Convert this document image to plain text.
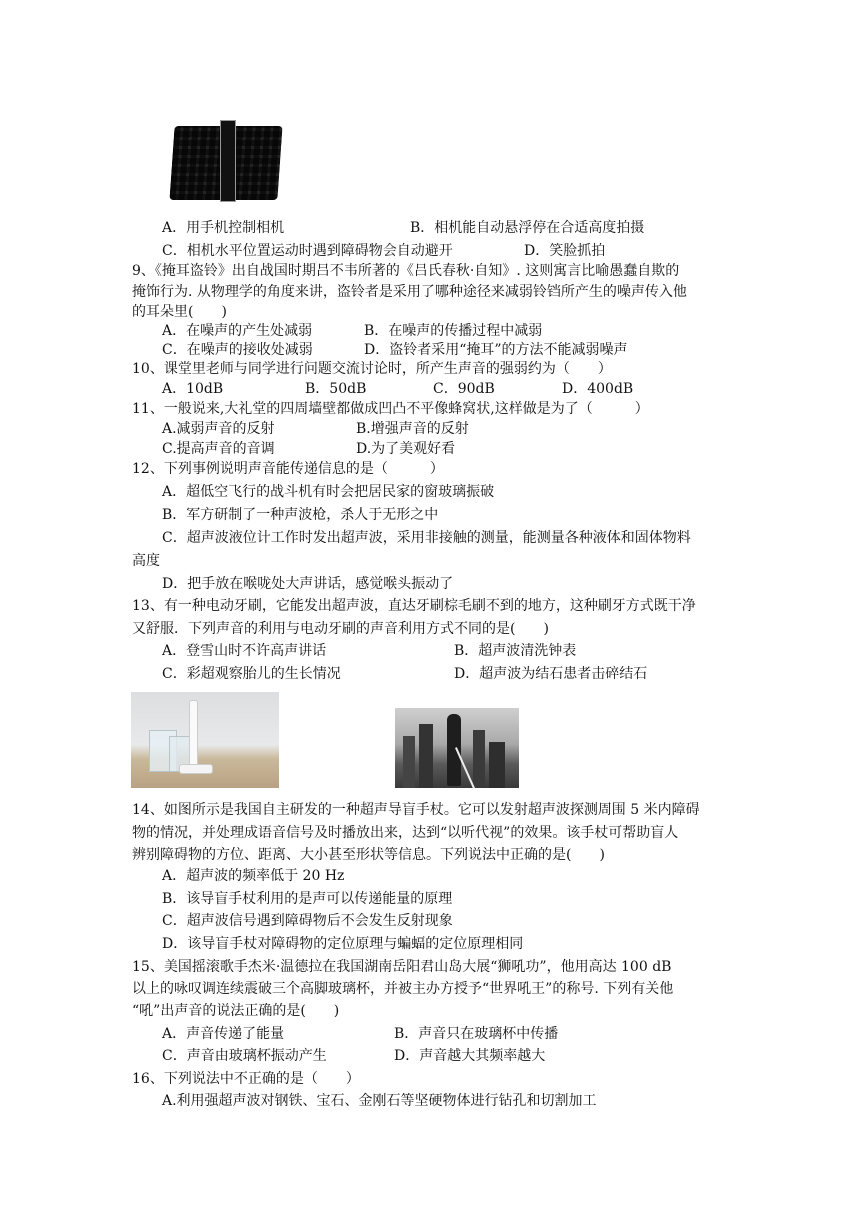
A．用手机控制相机	B．相机能自动悬浮停在合适高度拍摄
C．相机水平位置运动时遇到障碍物会自动避开	D．笑脸抓拍
9、《掩耳盗铃》出自战国时期吕不韦所著的《吕氏春秋·自知》. 这则寓言比喻愚蠢自欺的
掩饰行为. 从物理学的角度来讲，盗铃者是采用了哪种途径来减弱铃铛所产生的噪声传入他
的耳朵里(　　)
A．在噪声的产生处减弱	B．在噪声的传播过程中减弱
C．在噪声的接收处减弱	D．盗铃者采用“掩耳”的方法不能减弱噪声
10、课堂里老师与同学进行问题交流讨论时，所产生声音的强弱约为（　　）
A．10dB	B．50dB	C．90dB	D．400dB
11、一般说来,大礼堂的四周墙壁都做成凹凸不平像蜂窝状,这样做是为了（　　　）
A.减弱声音的反射	B.增强声音的反射
C.提高声音的音调	D.为了美观好看
12、下列事例说明声音能传递信息的是（　　　）
A．超低空飞行的战斗机有时会把居民家的窗玻璃振破
B．军方研制了一种声波枪，杀人于无形之中
C．超声波液位计工作时发出超声波，采用非接触的测量，能测量各种液体和固体物料
高度
D．把手放在喉咙处大声讲话，感觉喉头振动了
13、有一种电动牙刷，它能发出超声波，直达牙刷棕毛刷不到的地方，这种刷牙方式既干净
又舒服．下列声音的利用与电动牙刷的声音利用方式不同的是(　　)
A．登雪山时不许高声讲话	B．超声波清洗钟表
C．彩超观察胎儿的生长情况	D．超声波为结石患者击碎结石
14、如图所示是我国自主研发的一种超声导盲手杖。它可以发射超声波探测周围 5 米内障碍
物的情况，并处理成语音信号及时播放出来，达到“以听代视”的效果。该手杖可帮助盲人
辨别障碍物的方位、距离、大小甚至形状等信息。下列说法中正确的是(　　)
A．超声波的频率低于 20 Hz
B．该导盲手杖利用的是声可以传递能量的原理
C．超声波信号遇到障碍物后不会发生反射现象
D．该导盲手杖对障碍物的定位原理与蝙蝠的定位原理相同
15、美国摇滚歌手杰米·温德拉在我国湖南岳阳君山岛大展“狮吼功”，他用高达 100 dB
以上的咏叹调连续震破三个高脚玻璃杯，并被主办方授予“世界吼王”的称号. 下列有关他
“吼”出声音的说法正确的是(　　)
A．声音传递了能量	B．声音只在玻璃杯中传播
C．声音由玻璃杯振动产生	D．声音越大其频率越大
16、下列说法中不正确的是（　　）
A.利用强超声波对钢铁、宝石、金刚石等坚硬物体进行钻孔和切割加工
